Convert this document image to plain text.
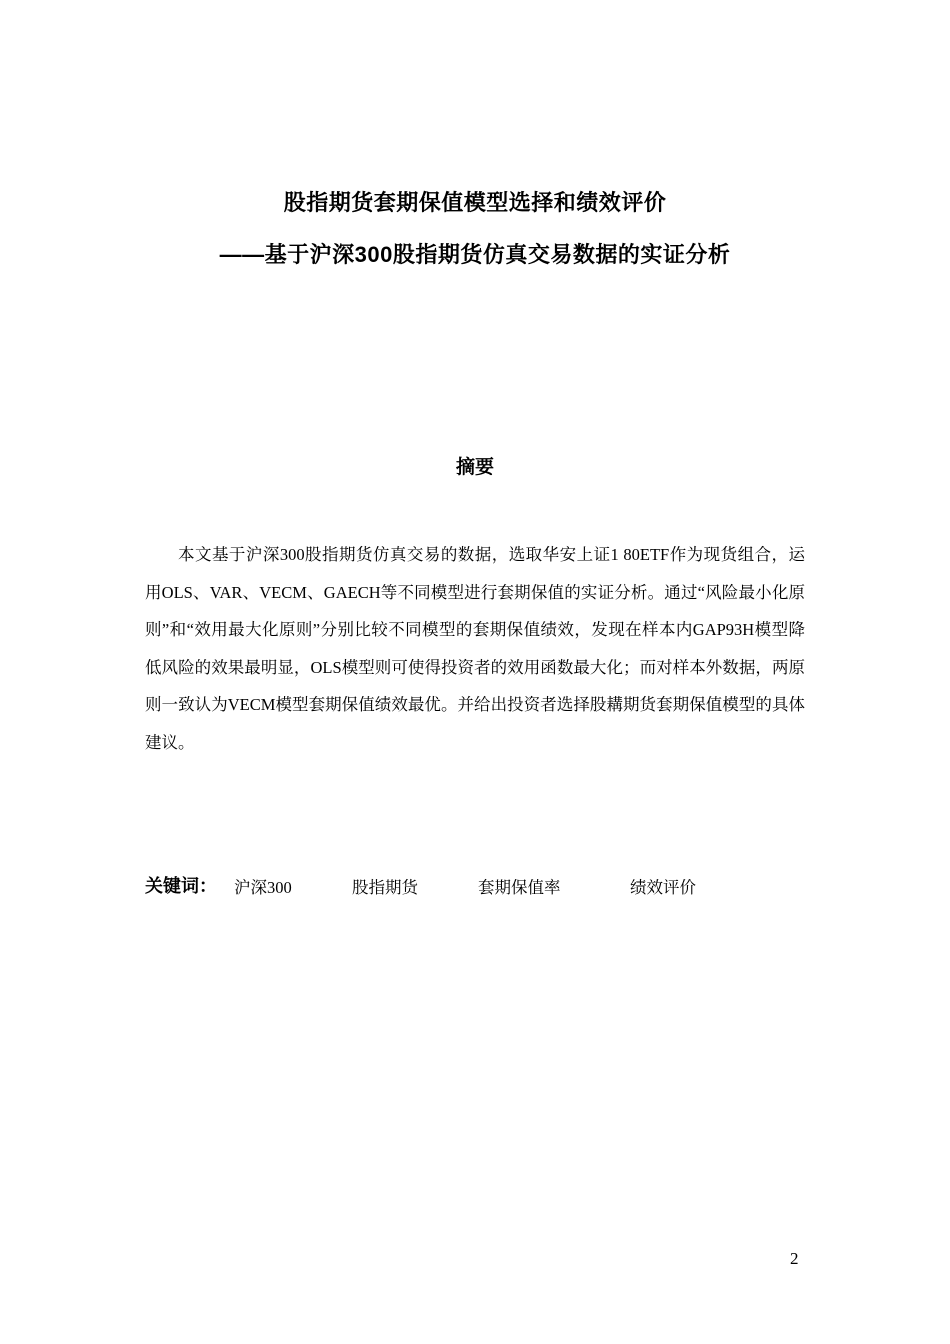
股指期货套期保值模型选择和绩效评价
——基于沪深300股指期货仿真交易数据的实证分析
摘要

本文基于沪深300股指期货仿真交易的数据，选取华安上证1 80ETF作为现货组合，运用OLS、VAR、VECM、GAECH等不同模型进行套期保值的实证分析。通过“风险最小化原则”和“效用最大化原则”分别比较不同模型的套期保值绩效，发现在样本内GAP93H模型降低风险的效果最明显，OLS模型则可使得投资者的效用函数最大化；而对样本外数据，两原则一致认为VECM模型套期保值绩效最优。并给出投资者选择股耩期货套期保值模型的具体建议。

关键词： 沪深300	股指期货	套期保值率	绩效评价
2
